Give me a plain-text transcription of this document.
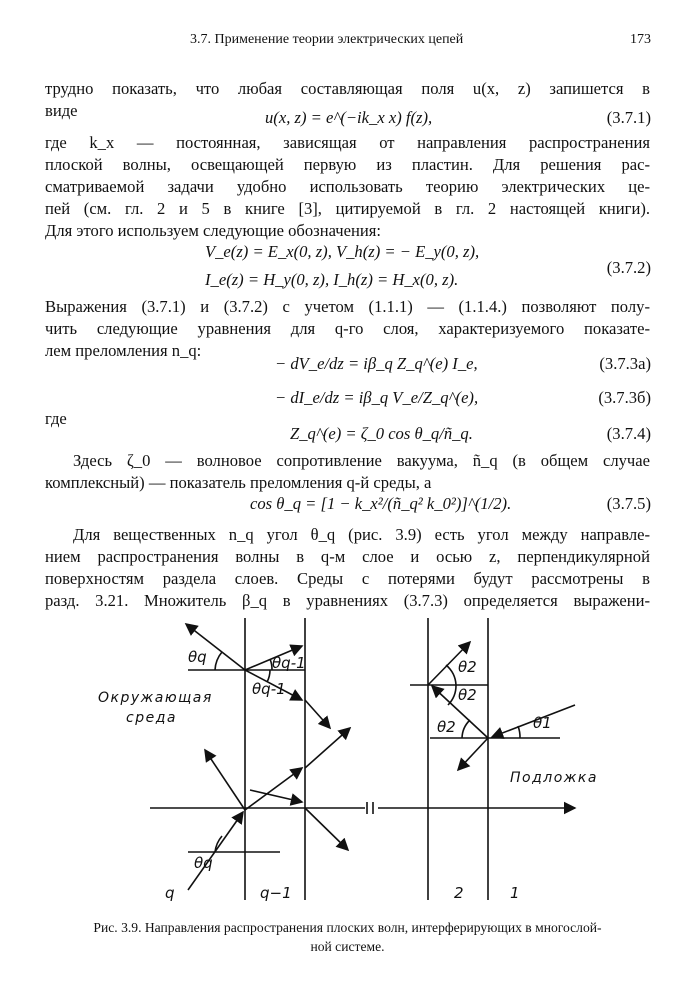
3.7. Применение теории электрических цепей	173
трудно показать, что любая составляющая поля u(x, z) запишется в
виде	u(x, z) = e^(−ik_x x) f(z),	(3.7.1)
где k_x — постоянная, зависящая от направления распространения
плоской волны, освещающей первую из пластин. Для решения рас-
сматриваемой задачи удобно использовать теорию электрических це-
пей (см. гл. 2 и 5 в книге [3], цитируемой в гл. 2 настоящей книги).
Для этого используем следующие обозначения:
V_e(z) = E_x(0, z), V_h(z) = − E_y(0, z),
I_e(z) = H_y(0, z), I_h(z) = H_x(0, z).
(3.7.2)
Выражения (3.7.1) и (3.7.2) с учетом (1.1.1) — (1.1.4.) позволяют полу-
чить следующие уравнения для q-го слоя, характеризуемого показате-
лем преломления n_q:
− dV_e/dz = iβ_q Z_q^(e) I_e,	(3.7.3а)
− dI_e/dz = iβ_q V_e/Z_q^(e),	(3.7.3б)
где
Z_q^(e) = ζ_0 cos θ_q/ñ_q.	(3.7.4)
Здесь ζ_0 — волновое сопротивление вакуума, ñ_q (в общем случае
комплексный) — показатель преломления q-й среды, а
cos θ_q = [1 − k_x²/(ñ_q² k_0²)]^(1/2).	(3.7.5)
Для вещественных n_q угол θ_q (рис. 3.9) есть угол между направле-
нием распространения волны в q-м слое и осью z, перпендикулярной
поверхностям раздела слоев. Среды с потерями будут рассмотрены в
разд. 3.21. Множитель β_q в уравнениях (3.7.3) определяется выражени-
θq	θq-1
θq-1
θq
θ2
θ2
θ2	θ1
Окружающая
среда
Подложка
q	q−1	2	1
Рис. 3.9. Направления распространения плоских волн, интерферирующих в многослой-
ной системе.
